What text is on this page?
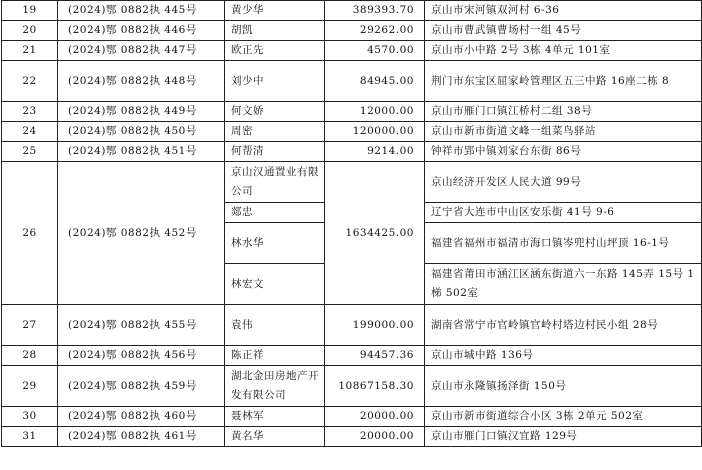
19	(2024)鄂 0882执 445号	黄少华	389393.70	京山市宋河镇双河村 6-36
20	(2024)鄂 0882执 446号	胡凯	29262.00	京山市曹武镇曹场村一组 45号
21	(2024)鄂 0882执 447号	欧正先	4570.00	京山市小中路 2号 3栋 4单元 101室
22	(2024)鄂 0882执 448号	刘少中	84945.00	荆门市东宝区屈家岭管理区五三中路 16座二栋 8
23	(2024)鄂 0882执 449号	何文娇	12000.00	京山市雁门口镇江桥村二组 38号
24	(2024)鄂 0882执 450号	周密	120000.00	京山市新市街道文峰一组菜鸟驿站
25	(2024)鄂 0882执 451号	何帮清	9214.00	钟祥市郢中镇刘家台东街 86号
26	(2024)鄂 0882执 452号	京山汉通置业有限公司	1634425.00	京山经济开发区人民大道 99号
		郯忠		辽宁省大连市中山区安乐街 41号 9-6
		林水华		福建省福州市福清市海口镇岑兜村山坪顶 16-1号
		林宏文		福建省莆田市涵江区涵东街道六一东路 145弄 15号 1梯 502室
27	(2024)鄂 0882执 455号	袁伟	199000.00	湖南省常宁市官岭镇官岭村塔边村民小组 28号
28	(2024)鄂 0882执 456号	陈正祥	94457.36	京山市城中路 136号
29	(2024)鄂 0882执 459号	湖北金田房地产开发有限公司	10867158.30	京山市永隆镇扬泽街 150号
30	(2024)鄂 0882执 460号	聂林军	20000.00	京山市新市街道综合小区 3栋 2单元 502室
31	(2024)鄂 0882执 461号	黄名华	20000.00	京山市雁门口镇汉宜路 129号
